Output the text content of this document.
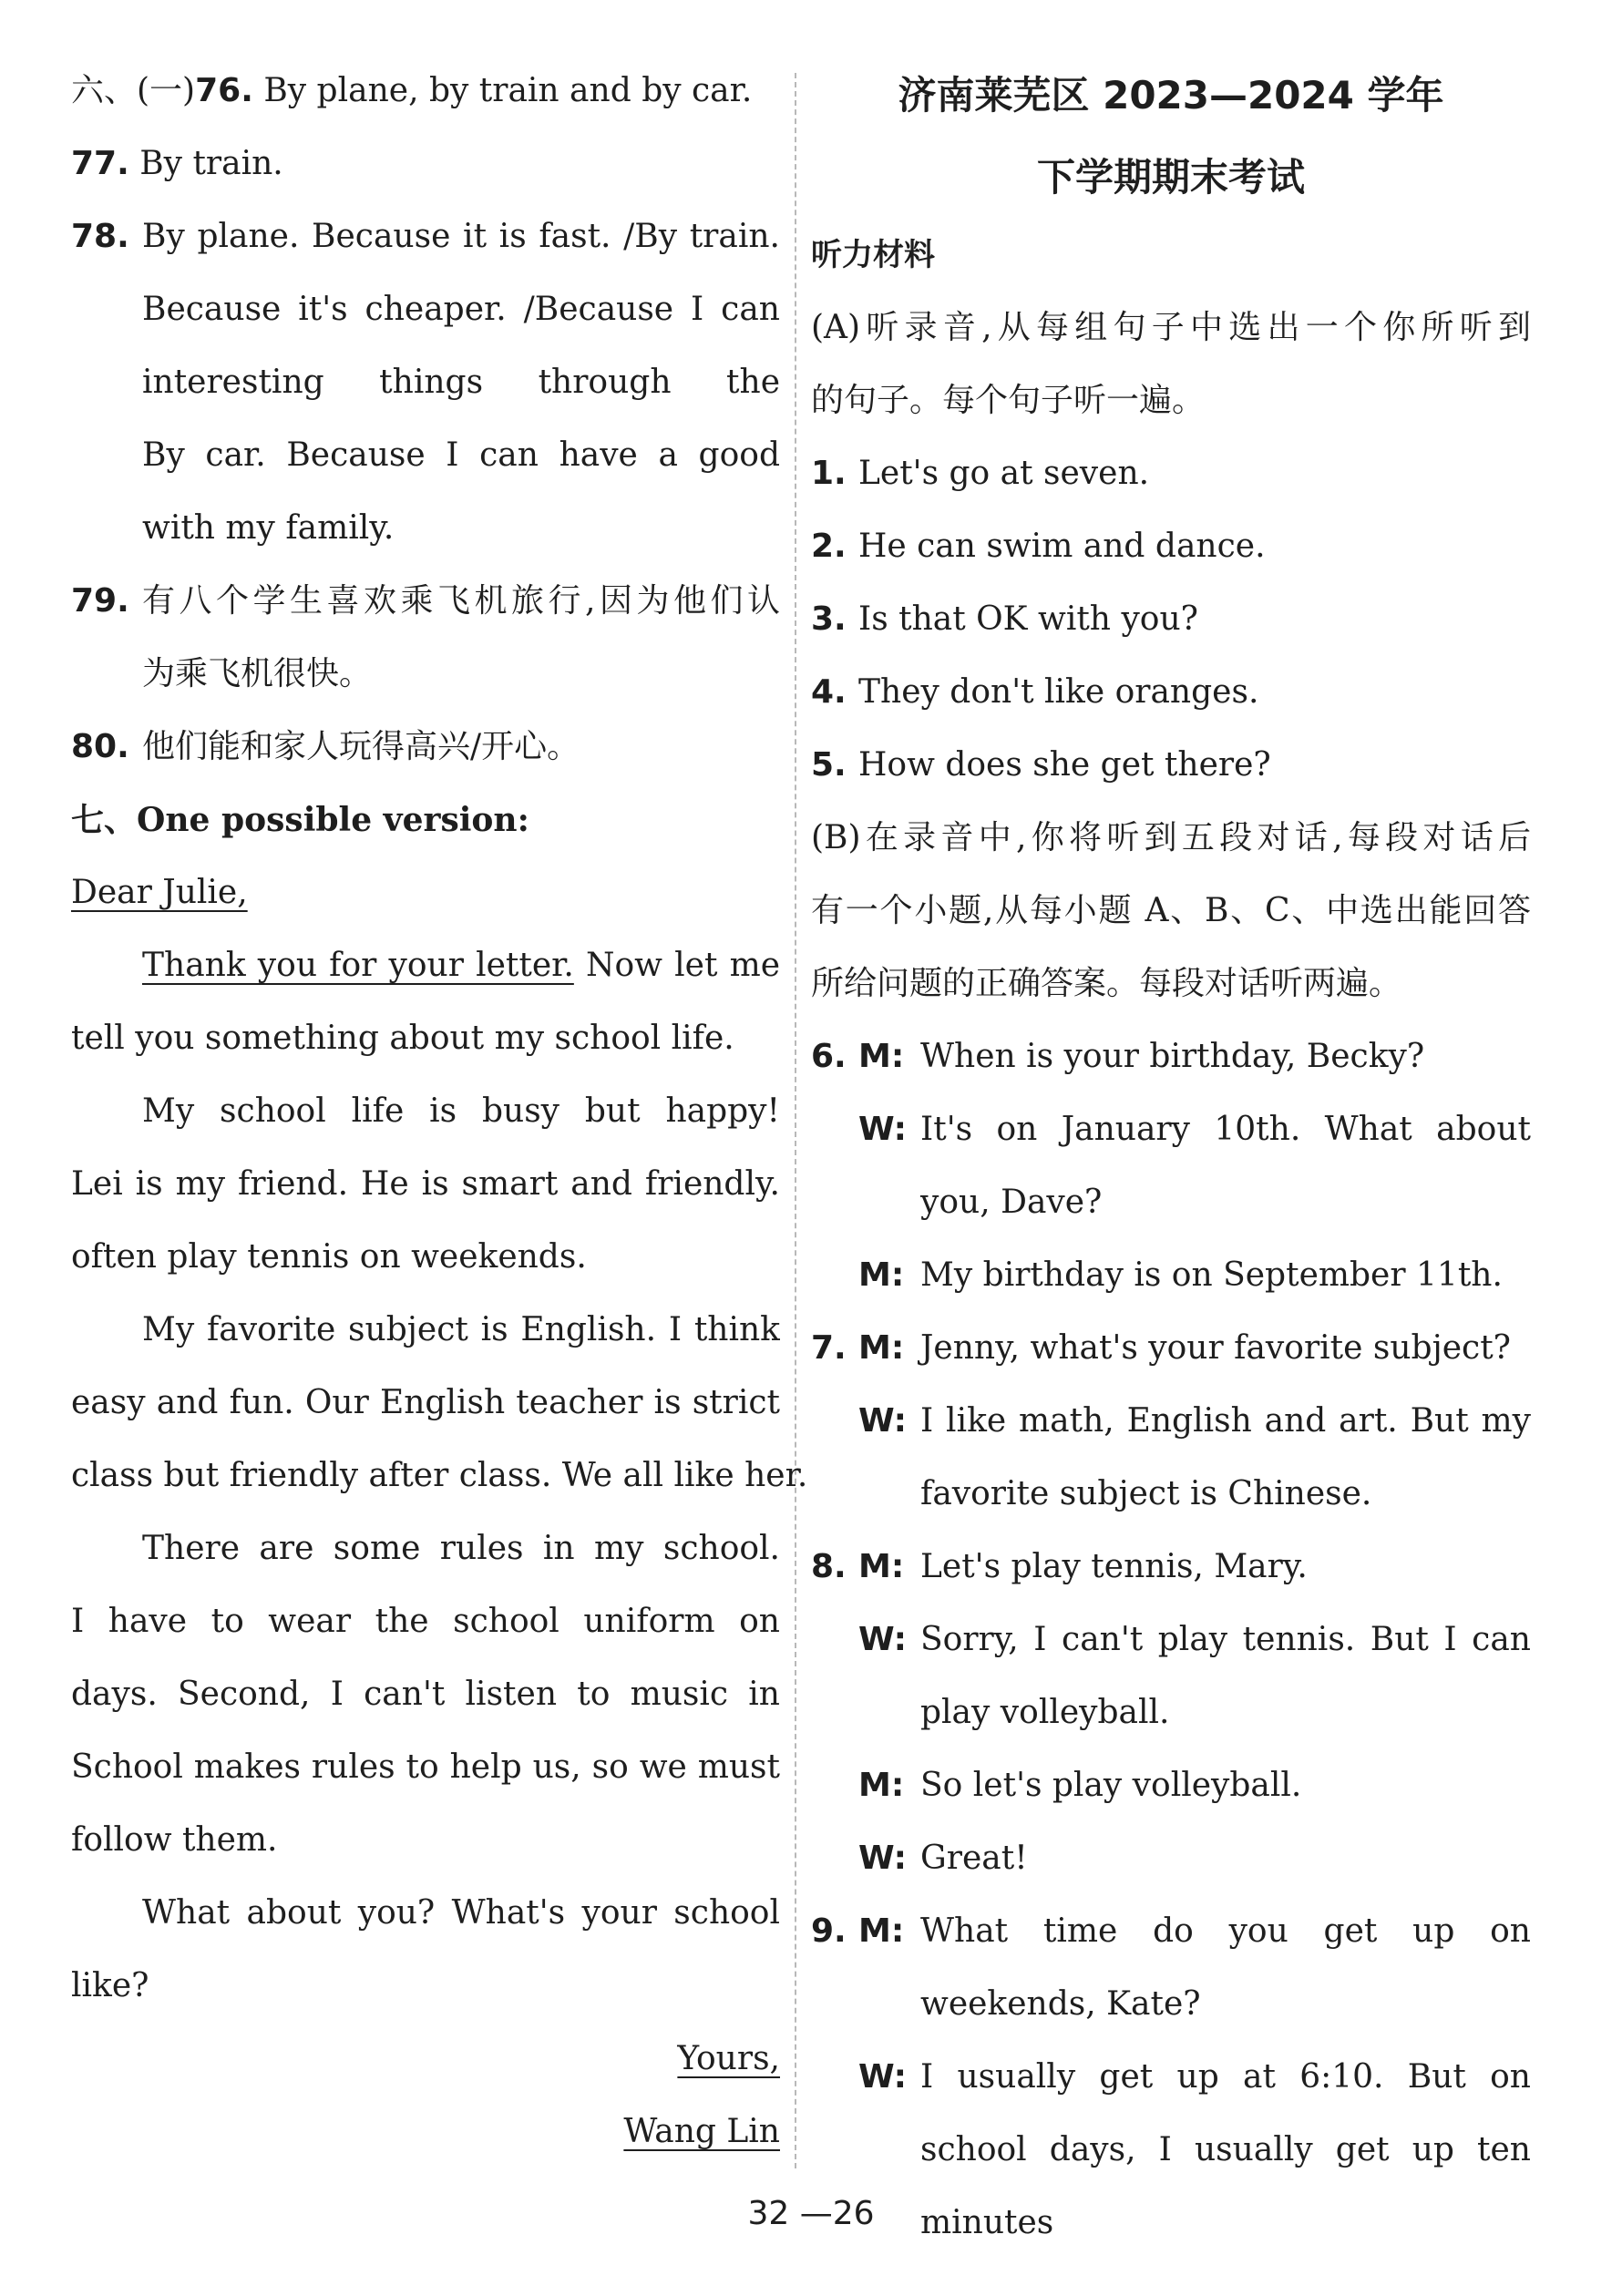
六、(一)76. By plane, by train and by car.
77. By train.
78. By plane. Because it is fast. /By train.
Because it's cheaper. /Because I can
interesting things through the
By car. Because I can have a good
with my family.
79. 有八个学生喜欢乘飞机旅行,因为他们认
为乘飞机很快。
80. 他们能和家人玩得高兴/开心。
七、One possible version:
Dear Julie,
Thank you for your letter. Now let me
tell you something about my school life.
My school life is busy but happy!
Lei is my friend. He is smart and friendly.
often play tennis on weekends.
My favorite subject is English. I think
easy and fun. Our English teacher is strict
class but friendly after class. We all like her.
There are some rules in my school.
I have to wear the school uniform on
days. Second, I can't listen to music in
School makes rules to help us, so we must
follow them.
What about you? What's your school
like?
Yours,
Wang Lin
济南莱芜区 2023—2024 学年
下学期期末考试
听力材料
(A)听录音,从每组句子中选出一个你所听到
的句子。每个句子听一遍。
1. Let's go at seven.
2. He can swim and dance.
3. Is that OK with you?
4. They don't like oranges.
5. How does she get there?
(B)在录音中,你将听到五段对话,每段对话后
有一个小题,从每小题 A、B、C、中选出能回答
所给问题的正确答案。每段对话听两遍。
6. M: When is your birthday, Becky?
W: It's on January 10th. What about you, Dave?
M: My birthday is on September 11th.
7. M: Jenny, what's your favorite subject?
W: I like math, English and art. But my favorite subject is Chinese.
8. M: Let's play tennis, Mary.
W: Sorry, I can't play tennis. But I can play volleyball.
M: So let's play volleyball.
W: Great!
9. M: What time do you get up on weekends, Kate?
W: I usually get up at 6:10. But on school days, I usually get up ten minutes
32 —26
